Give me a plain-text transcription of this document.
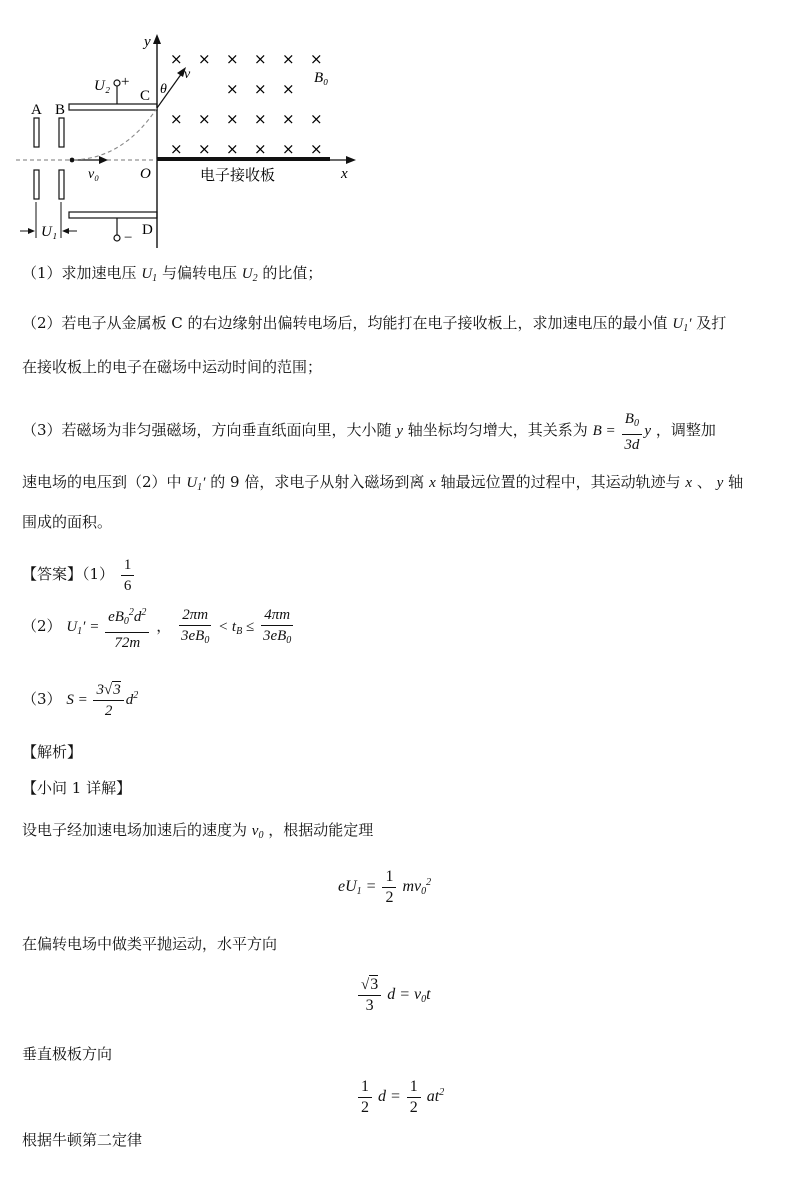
y
x
电子接收板
O
A B
U₁
C
U₂ +
D
−
v₀
v
θ
× × × × × ×
× × ×
× × × × × ×
× × × × × ×
B₀
（1）求加速电压 $U_1$ 与偏转电压 $U_2$ 的比值；
（2）若电子从金属板 C 的右边缘射出偏转电场后，均能打在电子接收板上，求加速电压的最小值 $U_1'$ 及打
在接收板上的电子在磁场中运动时间的范围；
（3）若磁场为非匀强磁场，方向垂直纸面向里，大小随 y 轴坐标均匀增大，其关系为 $B = \frac{B_0}{3d}$ y ，调整加
速电场的电压到（2）中 $U_1'$ 的 9 倍，求电子从射入磁场到离 x 轴最远位置的过程中，其运动轨迹与 x 、 y 轴
围成的面积。
【答案】$(1) \frac{1}{6}$
（2） $U_1' = \frac{eB_0^2d^2}{72m}$ ， $\frac{2\pi m}{3eB_0} < t_B \le \frac{4\pi m}{3eB_0}$
（3） $S = \frac{3√3}{2} d^2$
【解析】
【小问 1 详解】
设电子经加速电场加速后的速度为 $v_0$ ，根据动能定理
$eU_1 = \frac{1}{2} mv_0^2$
在偏转电场中做类平抛运动，水平方向
$\frac{√3}{3}$ $d = v_0t$
垂直极板方向
$\frac{1}{2}$ $d = \frac{1}{2} at^2$
根据牛顿第二定律
